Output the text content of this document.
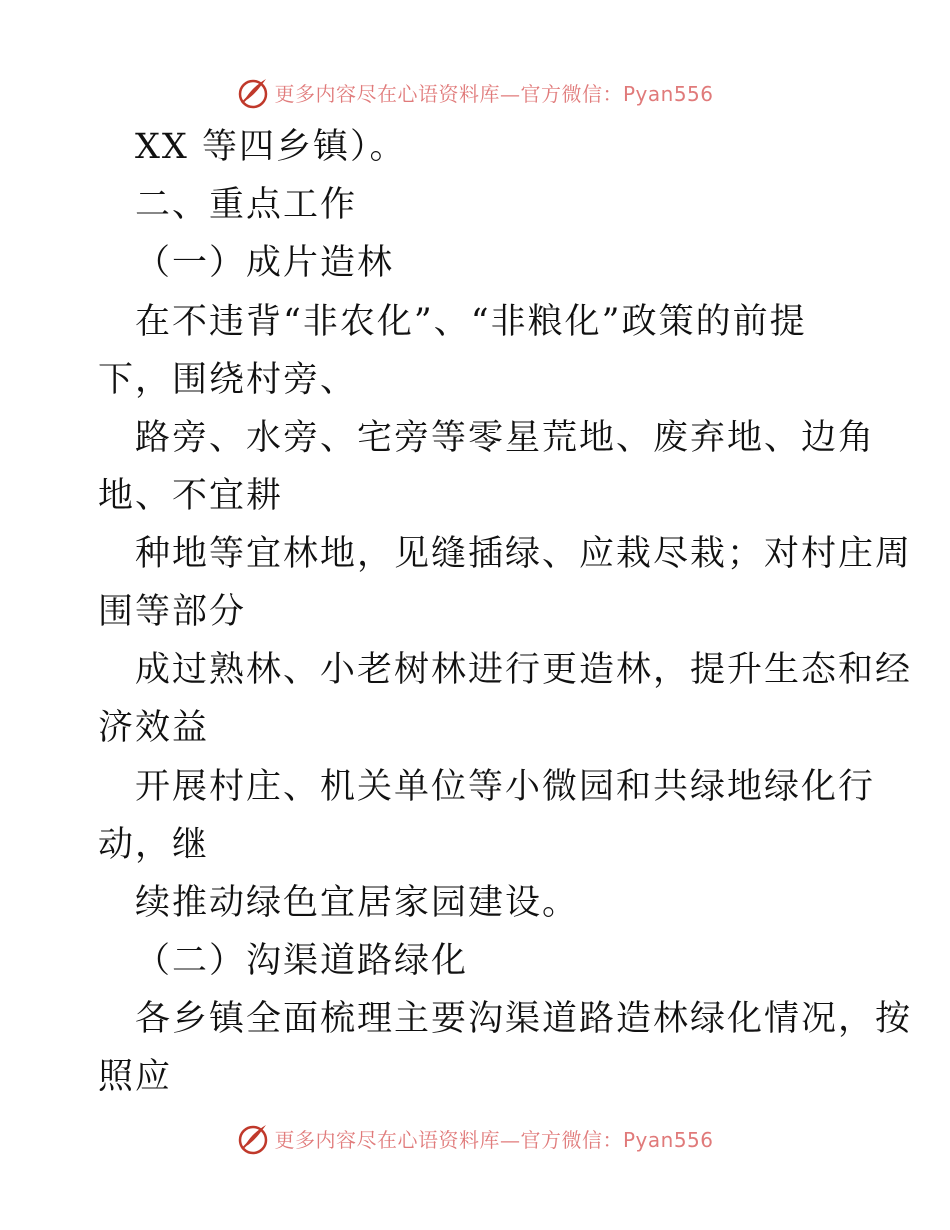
更多内容尽在心语资料库—官方微信：Pyan556
XX 等四乡镇）。
二、重点工作
（一）成片造林
在不违背“非农化”、“非粮化”政策的前提
下，围绕村旁、
路旁、水旁、宅旁等零星荒地、废弃地、边角
地、不宜耕
种地等宜林地，见缝插绿、应栽尽栽；对村庄周
围等部分
成过熟林、小老树林进行更造林，提升生态和经
济效益
开展村庄、机关单位等小微园和共绿地绿化行
动，继
续推动绿色宜居家园建设。
（二）沟渠道路绿化
各乡镇全面梳理主要沟渠道路造林绿化情况，按
照应
更多内容尽在心语资料库—官方微信：Pyan556
